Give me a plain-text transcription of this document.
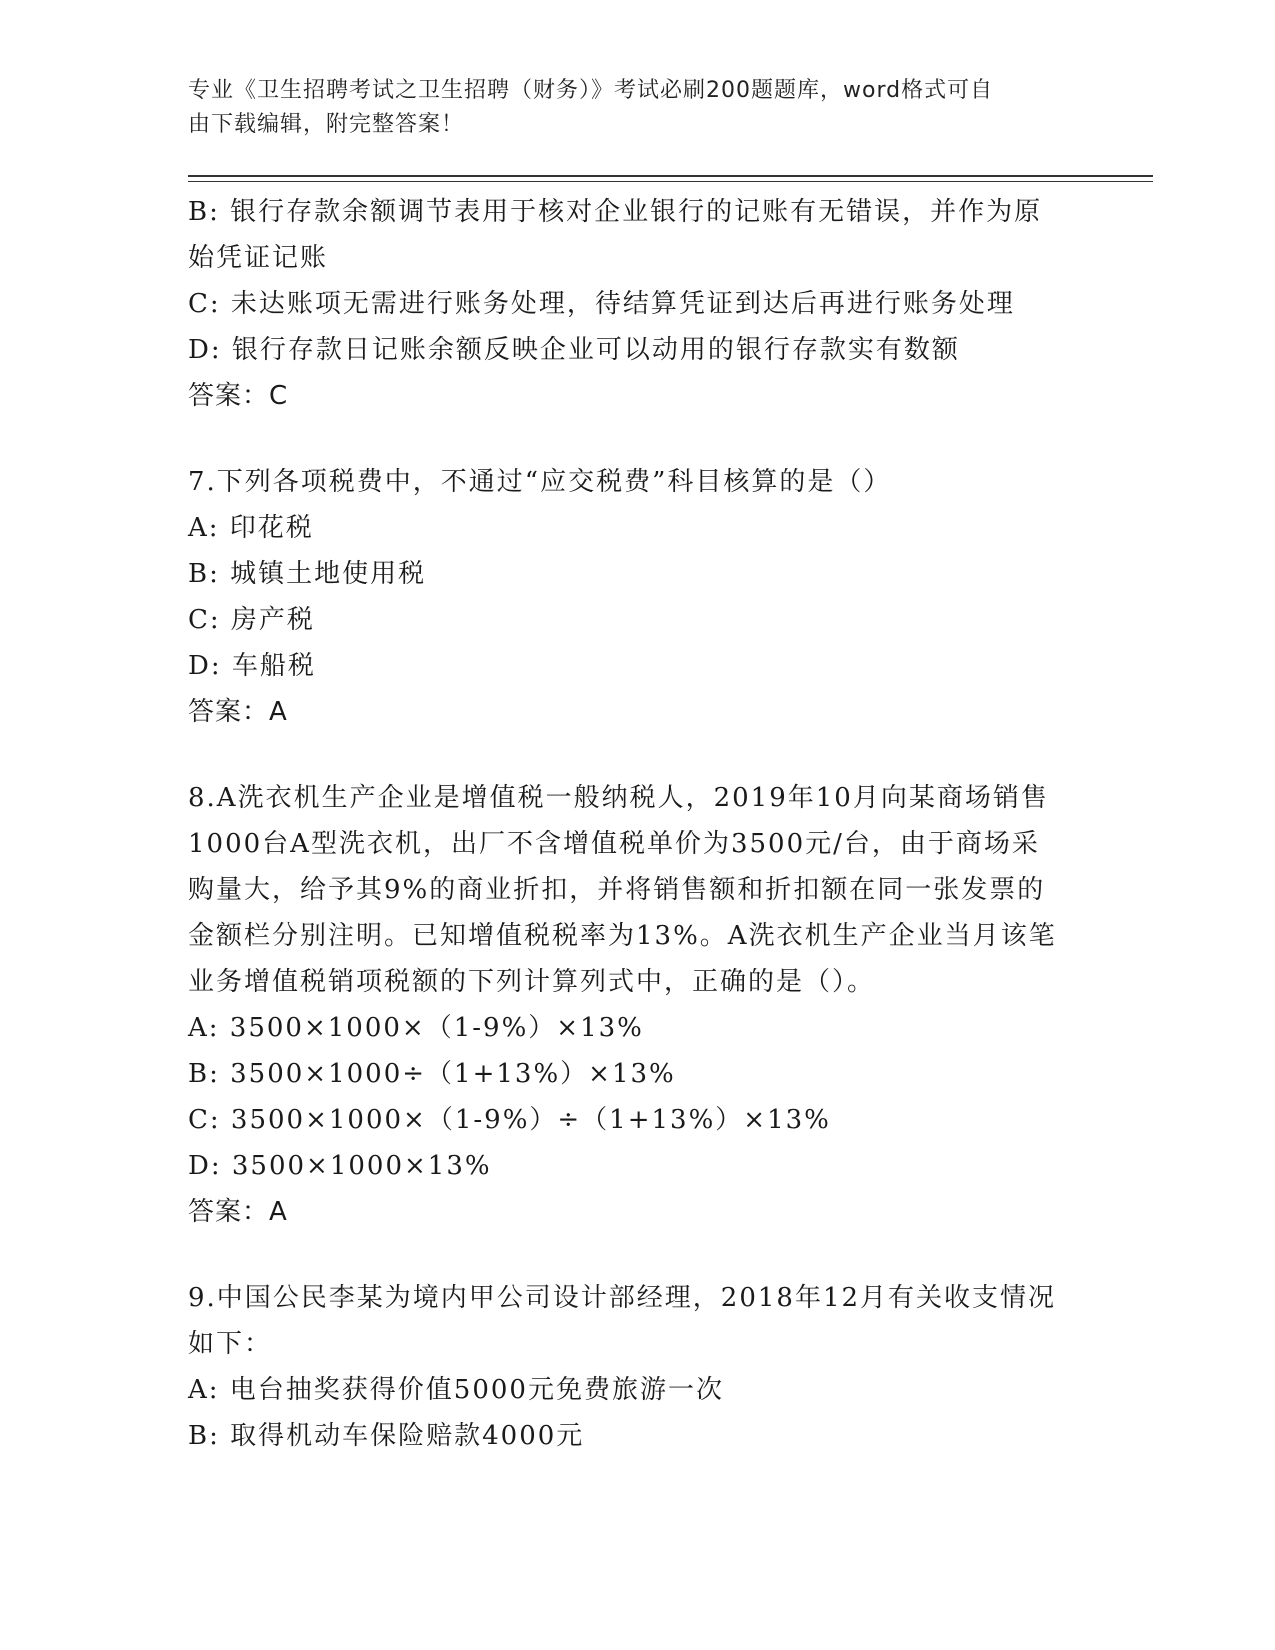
专业《卫生招聘考试之卫生招聘（财务）》考试必刷200题题库，word格式可自
由下载编辑，附完整答案！
B: 银行存款余额调节表用于核对企业银行的记账有无错误，并作为原
始凭证记账
C: 未达账项无需进行账务处理，待结算凭证到达后再进行账务处理
D: 银行存款日记账余额反映企业可以动用的银行存款实有数额
答案：C
7.下列各项税费中，不通过“应交税费”科目核算的是（）
A: 印花税
B: 城镇土地使用税
C: 房产税
D: 车船税
答案：A
8.A洗衣机生产企业是增值税一般纳税人，2019年10月向某商场销售
1000台A型洗衣机，出厂不含增值税单价为3500元/台，由于商场采
购量大，给予其9%的商业折扣，并将销售额和折扣额在同一张发票的
金额栏分别注明。已知增值税税率为13%。A洗衣机生产企业当月该笔
业务增值税销项税额的下列计算列式中，正确的是（）。
A: 3500×1000×（1-9%）×13%
B: 3500×1000÷（1+13%）×13%
C: 3500×1000×（1-9%）÷（1+13%）×13%
D: 3500×1000×13%
答案：A
9.中国公民李某为境内甲公司设计部经理，2018年12月有关收支情况
如下：
A: 电台抽奖获得价值5000元免费旅游一次
B: 取得机动车保险赔款4000元
